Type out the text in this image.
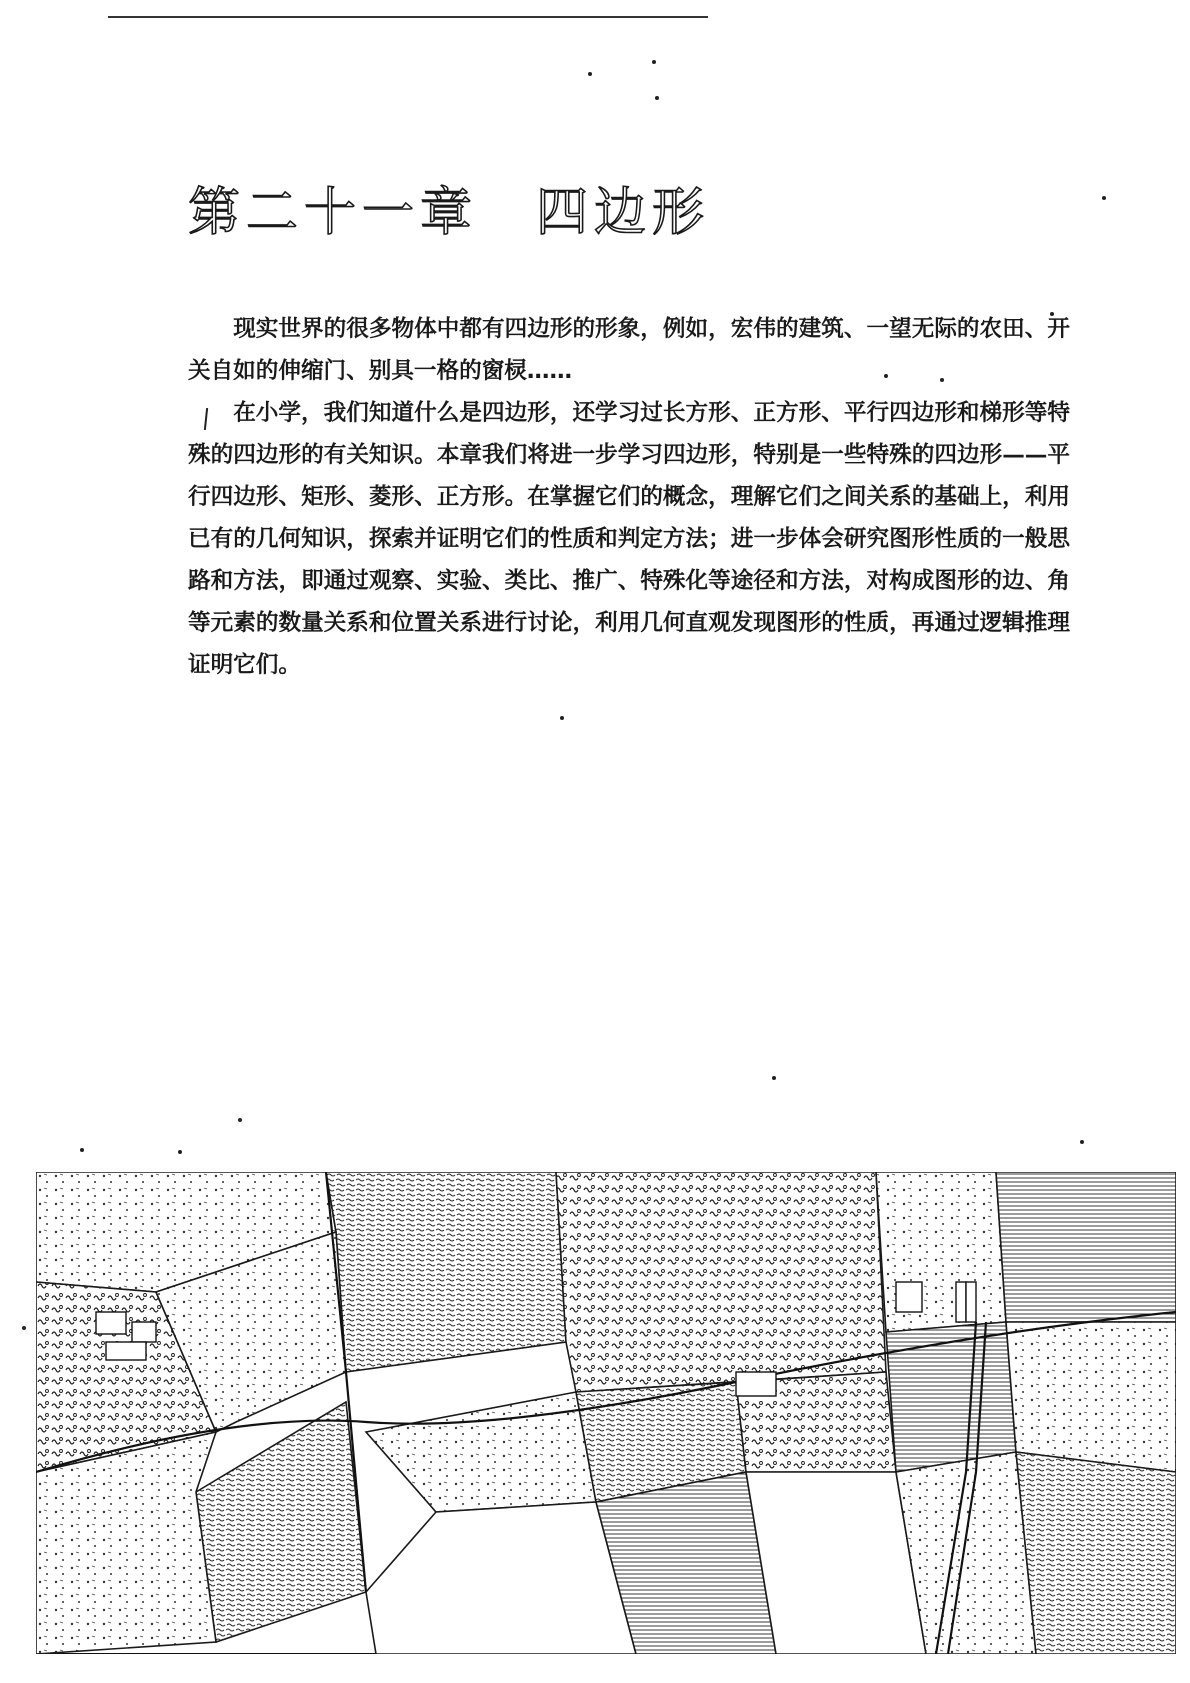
第二十一章 四边形

现实世界的很多物体中都有四边形的形象，例如，宏伟的建筑、一望无际的农田、开关自如的伸缩门、别具一格的窗棂……

在小学，我们知道什么是四边形，还学习过长方形、正方形、平行四边形和梯形等特殊的四边形的有关知识。本章我们将进一步学习四边形，特别是一些特殊的四边形——平行四边形、矩形、菱形、正方形。在掌握它们的概念，理解它们之间关系的基础上，利用已有的几何知识，探索并证明它们的性质和判定方法；进一步体会研究图形性质的一般思路和方法，即通过观察、实验、类比、推广、特殊化等途径和方法，对构成图形的边、角等元素的数量关系和位置关系进行讨论，利用几何直观发现图形的性质，再通过逻辑推理证明它们。
